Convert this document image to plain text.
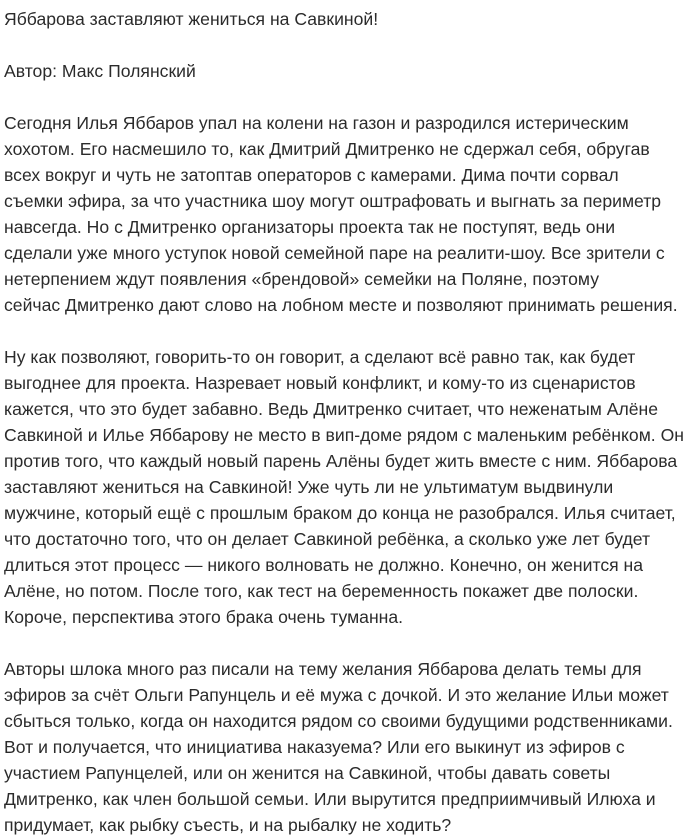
Яббарова заставляют жениться на Савкиной!

Автор: Макс Полянский

Сегодня Илья Яббаров упал на колени на газон и разродился истерическим
хохотом. Его насмешило то, как Дмитрий Дмитренко не сдержал себя, обругав
всех вокруг и чуть не затоптав операторов с камерами. Дима почти сорвал
съемки эфира, за что участника шоу могут оштрафовать и выгнать за периметр
навсегда. Но с Дмитренко организаторы проекта так не поступят, ведь они
сделали уже много уступок новой семейной паре на реалити-шоу. Все зрители с
нетерпением ждут появления «брендовой» семейки на Поляне, поэтому
сейчас Дмитренко дают слово на лобном месте и позволяют принимать решения.

Ну как позволяют, говорить-то он говорит, а сделают всё равно так, как будет
выгоднее для проекта. Назревает новый конфликт, и кому-то из сценаристов
кажется, что это будет забавно. Ведь Дмитренко считает, что неженатым Алёне
Савкиной и Илье Яббарову не место в вип-доме рядом с маленьким ребёнком. Он
против того, что каждый новый парень Алёны будет жить вместе с ним. Яббарова
заставляют жениться на Савкиной! Уже чуть ли не ультиматум выдвинули
мужчине, который ещё с прошлым браком до конца не разобрался. Илья считает,
что достаточно того, что он делает Савкиной ребёнка, а сколько уже лет будет
длиться этот процесс — никого волновать не должно. Конечно, он женится на
Алёне, но потом. После того, как тест на беременность покажет две полоски.
Короче, перспектива этого брака очень туманна.

Авторы шлока много раз писали на тему желания Яббарова делать темы для
эфиров за счёт Ольги Рапунцель и её мужа с дочкой. И это желание Ильи может
сбыться только, когда он находится рядом со своими будущими родственниками.
Вот и получается, что инициатива наказуема? Или его выкинут из эфиров с
участием Рапунцелей, или он женится на Савкиной, чтобы давать советы
Дмитренко, как член большой семьи. Или вырутится предприимчивый Илюха и
придумает, как рыбку съесть, и на рыбалку не ходить?
